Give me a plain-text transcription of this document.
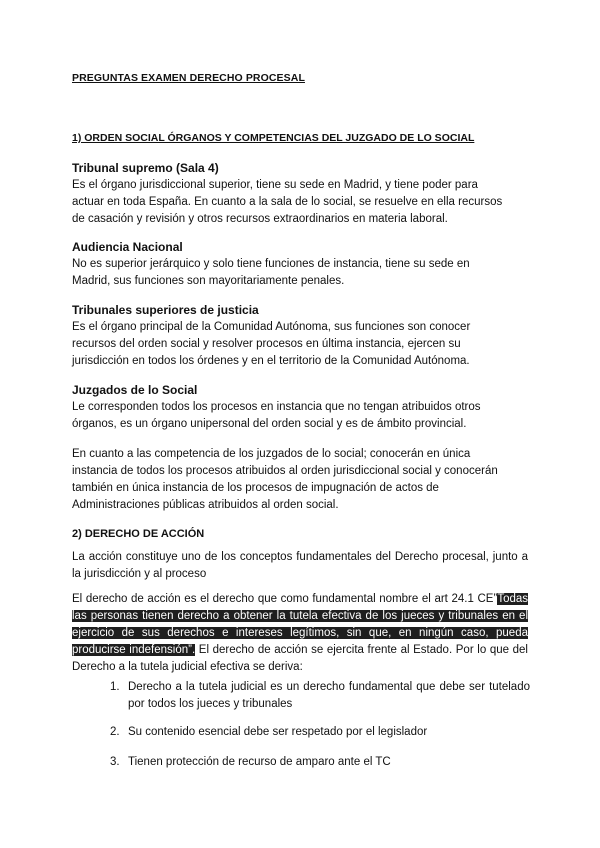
PREGUNTAS EXAMEN DERECHO PROCESAL
1) ORDEN SOCIAL ÓRGANOS Y COMPETENCIAS DEL JUZGADO DE LO SOCIAL

Tribunal supremo (Sala 4)

Es el órgano jurisdiccional superior, tiene su sede en Madrid, y tiene poder para

actuar en toda España. En cuanto a la sala de lo social, se resuelve en ella recursos

de casación y revisión y otros recursos extraordinarios en materia laboral.

Audiencia Nacional

No es superior jerárquico y solo tiene funciones de instancia, tiene su sede en

Madrid, sus funciones son mayoritariamente penales.

Tribunales superiores de justicia

Es el órgano principal de la Comunidad Autónoma, sus funciones son conocer

recursos del orden social y resolver procesos en última instancia, ejercen su

jurisdicción en todos los órdenes y en el territorio de la Comunidad Autónoma.

Juzgados de lo Social

Le corresponden todos los procesos en instancia que no tengan atribuidos otros

órganos, es un órgano unipersonal del orden social y es de ámbito provincial.

En cuanto a las competencia de los juzgados de lo social; conocerán en única

instancia de todos los procesos atribuidos al orden jurisdiccional social y conocerán

también en única instancia de los procesos de impugnación de actos de

Administraciones públicas atribuidos al orden social.

2) DERECHO DE ACCIÓN

La acción constituye uno de los conceptos fundamentales del Derecho procesal, junto a la jurisdicción y al proceso

El derecho de acción es el derecho que como fundamental nombre el art 24.1 CE”Todas las personas tienen derecho a obtener la tutela efectiva de los jueces y tribunales en el ejercicio de sus derechos e intereses legítimos, sin que, en ningún caso, pueda producirse indefensión”. El derecho de acción se ejercita frente al Estado. Por lo que del Derecho a la tutela judicial efectiva se deriva:

1. Derecho a la tutela judicial es un derecho fundamental que debe ser tutelado por todos los jueces y tribunales
2. Su contenido esencial debe ser respetado por el legislador
3. Tienen protección de recurso de amparo ante el TC
